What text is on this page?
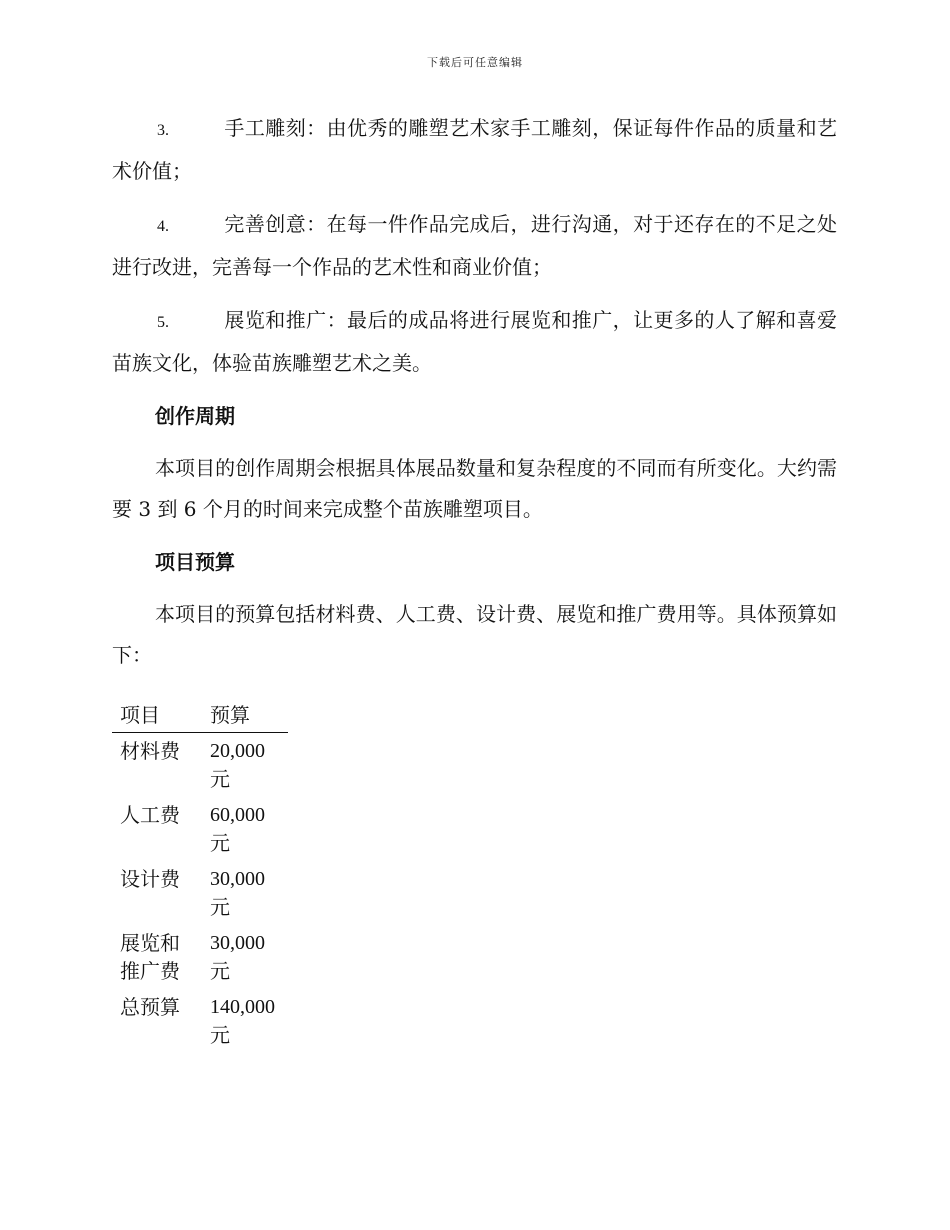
下载后可任意编辑

3.	手工雕刻：由优秀的雕塑艺术家手工雕刻，保证每件作品的质量和艺术价值；

4.	完善创意：在每一件作品完成后，进行沟通，对于还存在的不足之处进行改进，完善每一个作品的艺术性和商业价值；

5.	展览和推广：最后的成品将进行展览和推广，让更多的人了解和喜爱苗族文化，体验苗族雕塑艺术之美。

创作周期

本项目的创作周期会根据具体展品数量和复杂程度的不同而有所变化。大约需要 3 到 6 个月的时间来完成整个苗族雕塑项目。

项目预算

本项目的预算包括材料费、人工费、设计费、展览和推广费用等。具体预算如下：

项目	预算
材料费	20,000
元

人工费	60,000
元

设计费	30,000
元

展览和推广费	30,000
元

总预算	140,000
元
